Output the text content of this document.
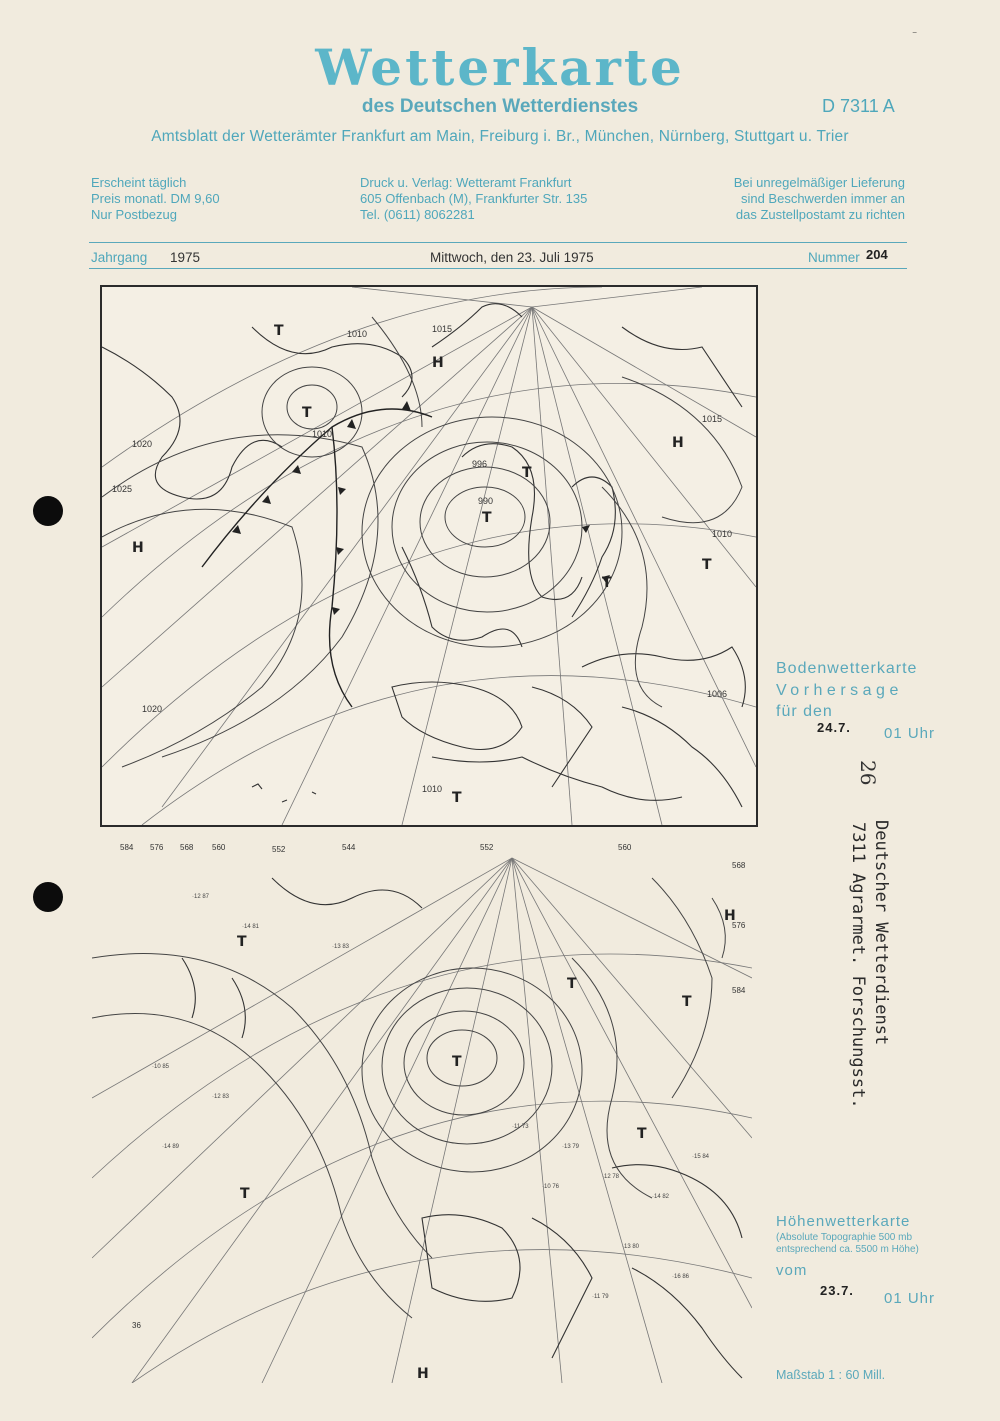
⁻
Wetterkarte
des Deutschen Wetterdienstes	D 7311 A
Amtsblatt der Wetterämter Frankfurt am Main, Freiburg i. Br., München, Nürnberg, Stuttgart u. Trier
Erscheint täglich
Preis monatl. DM 9,60
Nur Postbezug
Druck u. Verlag: Wetteramt Frankfurt
605 Offenbach (M), Frankfurter Str. 135
Tel. (0611) 8062281
Bei unregelmäßiger Lieferung
sind Beschwerden immer an
das Zustellpostamt zu richten
Jahrgang 1975	Mittwoch, den 23. Juli 1975	Nummer 204
1010	1015
1020
1025
1010
1015
1010
1006
1010
1020
996
990
T
T
H
T
T
H
H
T
T
T
Bodenwetterkarte
Vorhersage
für den
24.7. 01 Uhr
584 576 568 560	552	544	552	560
568
576
584
36
·12 87
·14 81
·13 83
·10 85
·12 83
·14 89
·11 73
·13 79
·12 78
·14 82
·15 84
·10 76
·13 80
·16 86
·11 79
T
T
T
T
T
H
T
H
Höhenwetterkarte
(Absolute Topographie 500 mb
entsprechend ca. 5500 m Höhe)
vom
23.7. 01 Uhr
Maßstab 1 : 60 Mill.
Deutscher Wetterdienst
7311 Agrarmet. Forschungsst.
26
